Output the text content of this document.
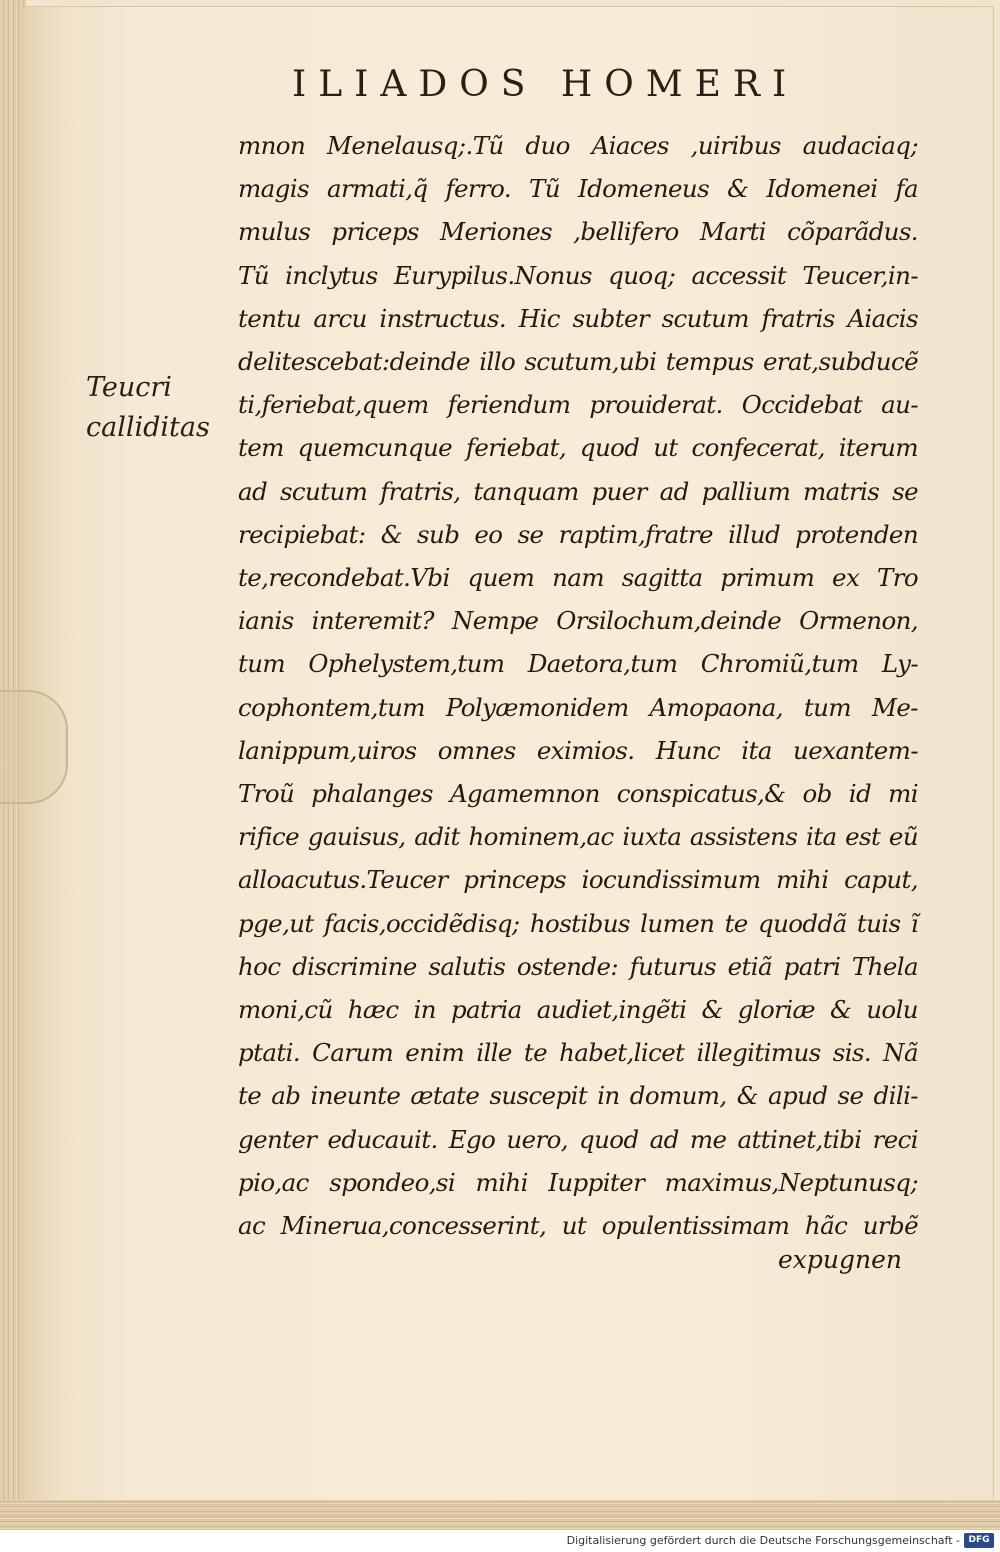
ILIADOS HOMERI
Teucri
calliditas
mnon Menelausq;.Tũ duo Aiaces ,uiribus audaciaq;
magis armati,q̃ ferro. Tũ Idomeneus & Idomenei fa
mulus priceps Meriones ,bellifero Marti cõparãdus.
Tũ inclytus Eurypilus.Nonus quoq; accessit Teucer,in-
tentu arcu instructus. Hic subter scutum fratris Aiacis
delitescebat:deinde illo scutum,ubi tempus erat,subducẽ
ti,feriebat,quem feriendum prouiderat. Occidebat au-
tem quemcunque feriebat, quod ut confecerat, iterum
ad scutum fratris, tanquam puer ad pallium matris se
recipiebat: & sub eo se raptim,fratre illud protenden
te,recondebat.Vbi quem nam sagitta primum ex Tro
ianis interemit? Nempe Orsilochum,deinde Ormenon,
tum Ophelystem,tum Daetora,tum Chromiũ,tum Ly-
cophontem,tum Polyæmonidem Amopaona, tum Me-
lanippum,uiros omnes eximios. Hunc ita uexantem-
Troũ phalanges Agamemnon conspicatus,& ob id mi
rifice gauisus, adit hominem,ac iuxta assistens ita est eũ
alloacutus.Teucer princeps iocundissimum mihi caput,
pge,ut facis,occidẽdisq; hostibus lumen te quoddã tuis ĩ
hoc discrimine salutis ostende: futurus etiã patri Thela
moni,cũ hæc in patria audiet,ingẽti & gloriæ & uolu
ptati. Carum enim ille te habet,licet illegitimus sis. Nã
te ab ineunte ætate suscepit in domum, & apud se dili-
genter educauit. Ego uero, quod ad me attinet,tibi reci
pio,ac spondeo,si mihi Iuppiter maximus,Neptunusq;
ac Minerua,concesserint, ut opulentissimam hãc urbẽ
expugnen
Digitalisierung gefördert durch die Deutsche Forschungsgemeinschaft - DFG
